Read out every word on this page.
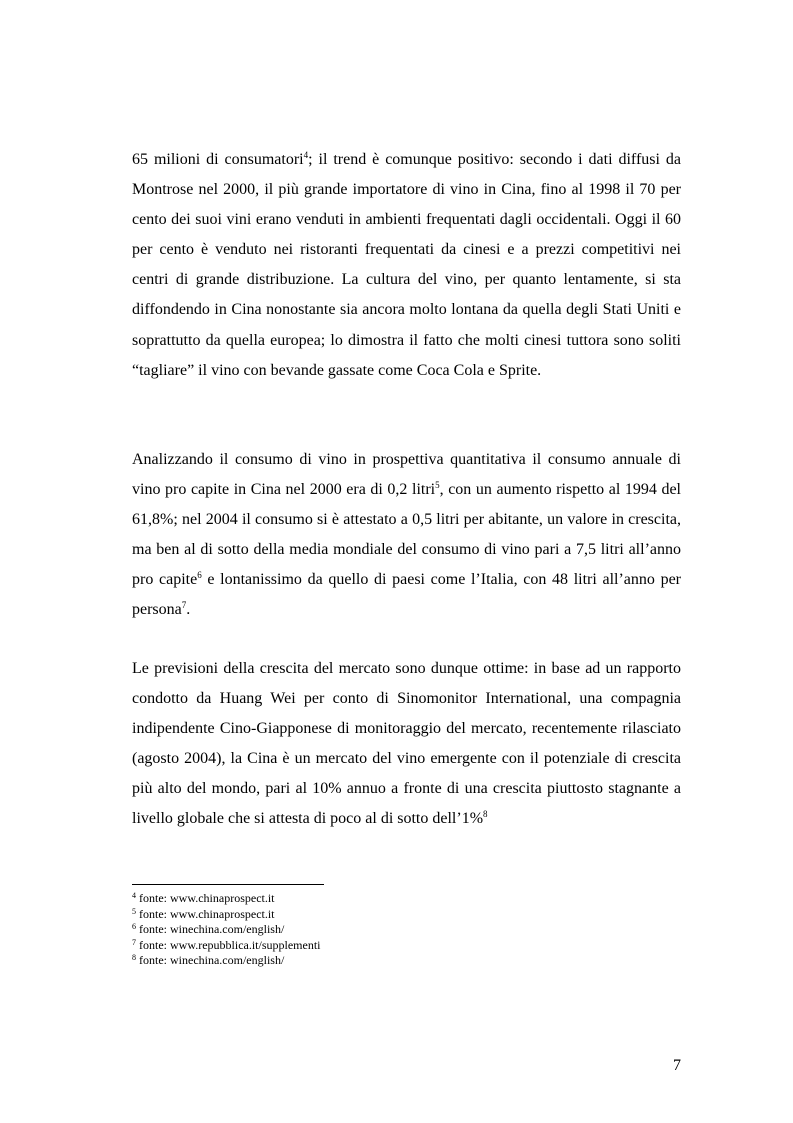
65 milioni di consumatori$^4$; il trend è comunque positivo: secondo i dati diffusi da Montrose nel 2000, il più grande importatore di vino in Cina, fino al 1998 il 70 per cento dei suoi vini erano venduti in ambienti frequentati dagli occidentali. Oggi il 60 per cento è venduto nei ristoranti frequentati da cinesi e a prezzi competitivi nei centri di grande distribuzione. La cultura del vino, per quanto lentamente, si sta diffondendo in Cina nonostante sia ancora molto lontana da quella degli Stati Uniti e soprattutto da quella europea; lo dimostra il fatto che molti cinesi tuttora sono soliti “tagliare” il vino con bevande gassate come Coca Cola e Sprite.

Analizzando il consumo di vino in prospettiva quantitativa il consumo annuale di vino pro capite in Cina nel 2000 era di 0,2 litri$^5$, con un aumento rispetto al 1994 del 61,8%; nel 2004 il consumo si è attestato a 0,5 litri per abitante, un valore in crescita, ma ben al di sotto della media mondiale del consumo di vino pari a 7,5 litri all’anno pro capite$^6$ e lontanissimo da quello di paesi come l’Italia, con 48 litri all’anno per persona$^7$.

Le previsioni della crescita del mercato sono dunque ottime: in base ad un rapporto condotto da Huang Wei per conto di Sinomonitor International, una compagnia indipendente Cino-Giapponese di monitoraggio del mercato, recentemente rilasciato (agosto 2004), la Cina è un mercato del vino emergente con il potenziale di crescita più alto del mondo, pari al 10% annuo a fronte di una crescita piuttosto stagnante a livello globale che si attesta di poco al di sotto dell’1%$^8$

$^4$ fonte: www.chinaprospect.it
$^5$ fonte: www.chinaprospect.it
$^6$ fonte: winechina.com/english/
$^7$ fonte: www.repubblica.it/supplementi
$^8$ fonte: winechina.com/english/
7
